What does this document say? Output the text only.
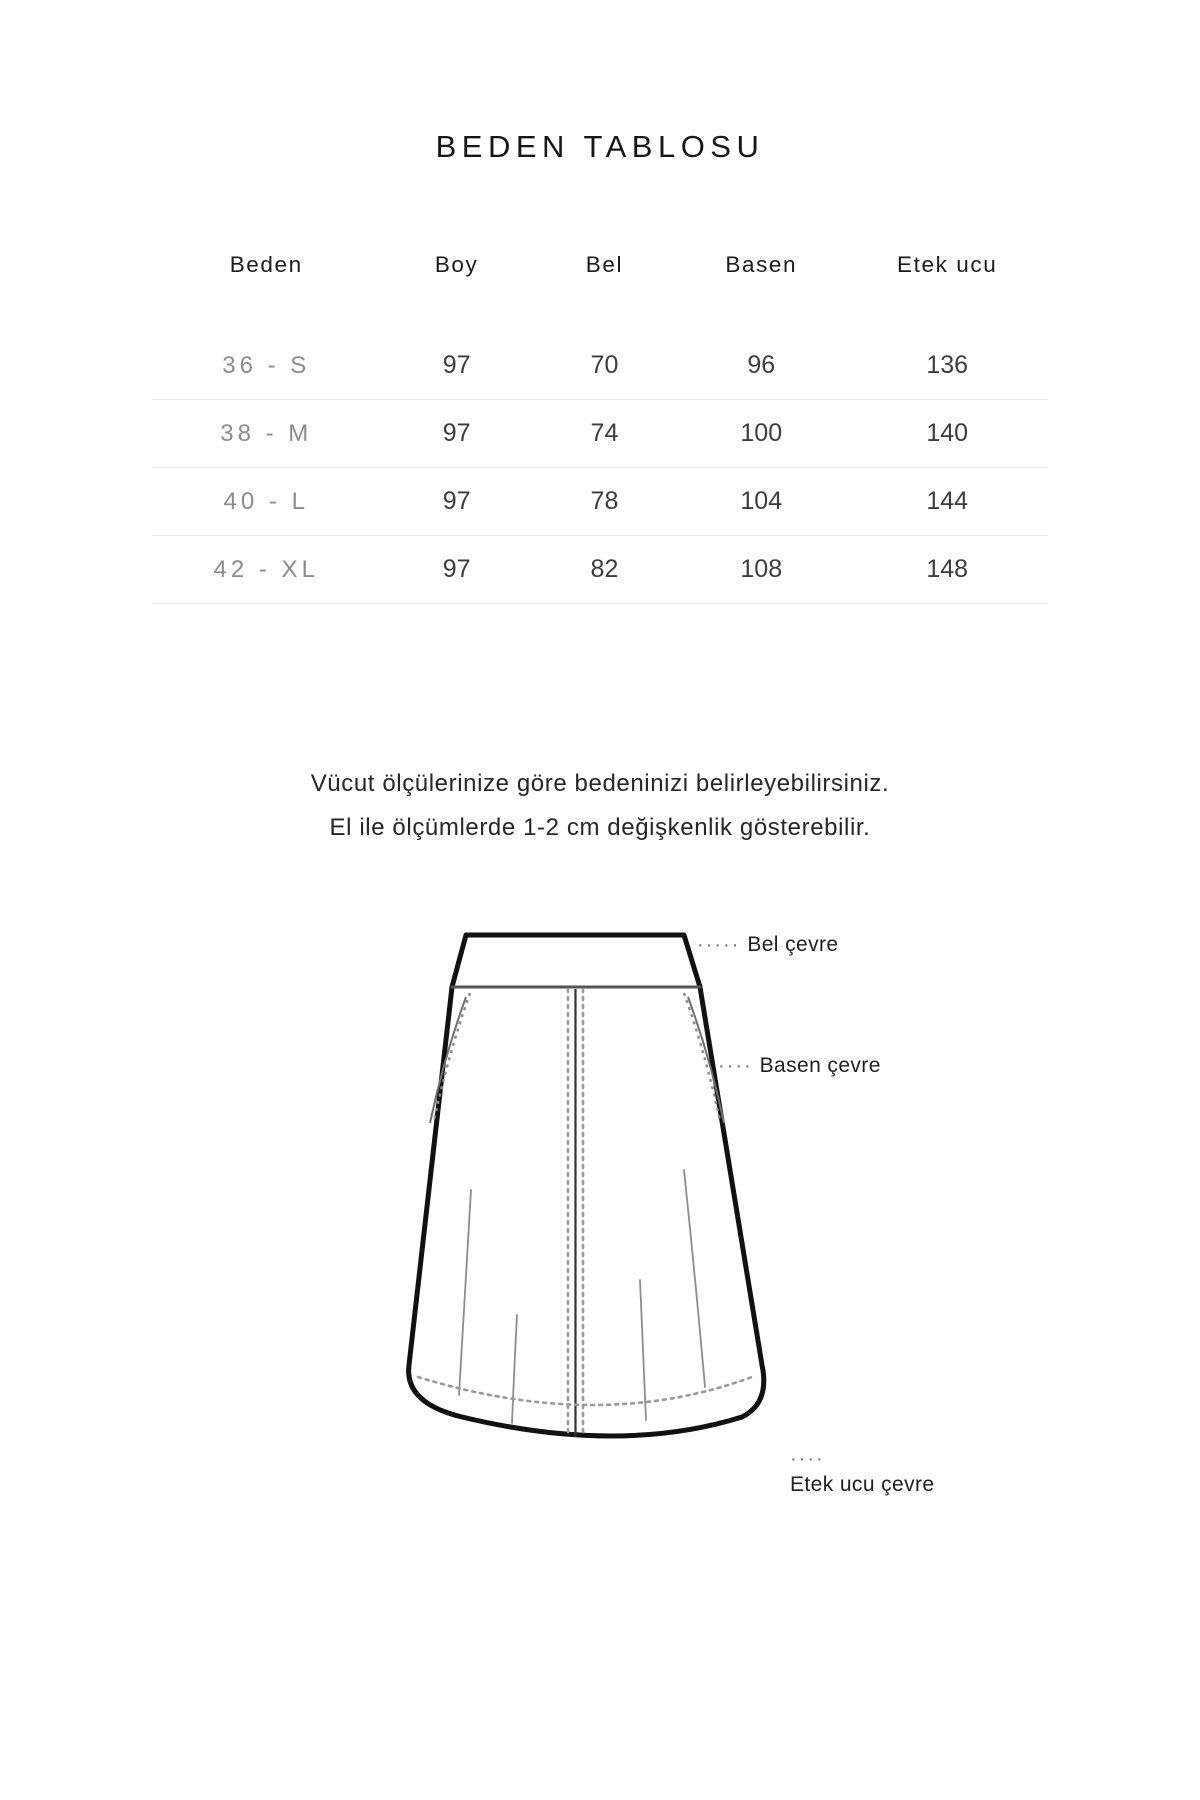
BEDEN TABLOSU
Beden	Boy	Bel	Basen	Etek ucu
36 - S	97	70	96	136
38 - M	97	74	100	140
40 - L	97	78	104	144
42 - XL	97	82	108	148

Vücut ölçülerinize göre bedeninizi belirleyebilirsiniz.

El ile ölçümlerde 1-2 cm değişkenlik gösterebilir.

····· Bel çevre
···· Basen çevre
····
Etek ucu çevre
